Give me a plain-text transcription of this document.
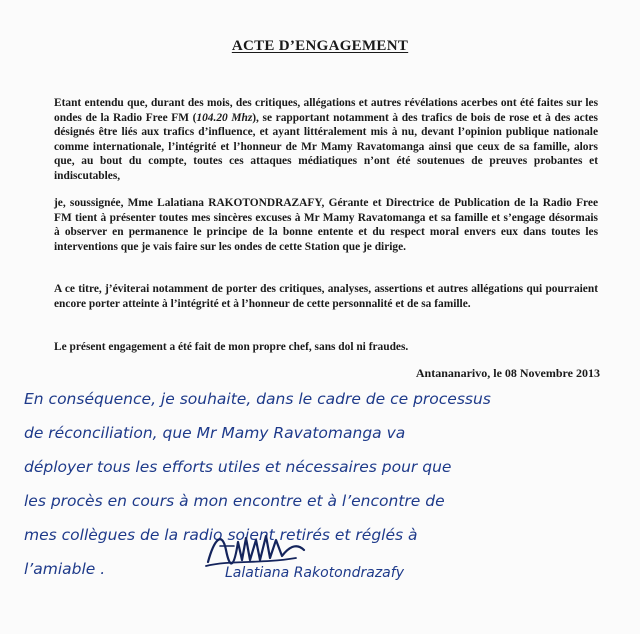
ACTE D’ENGAGEMENT
Etant entendu que, durant des mois, des critiques, allégations et autres révélations acerbes ont été faites sur les ondes de la Radio Free FM (104.20 Mhz), se rapportant notamment à des trafics de bois de rose et à des actes désignés être liés aux trafics d’influence, et ayant littéralement mis à nu, devant l’opinion publique nationale comme internationale, l’intégrité et l’honneur de Mr Mamy Ravatomanga ainsi que ceux de sa famille, alors que, au bout du compte, toutes ces attaques médiatiques n’ont été soutenues de preuves probantes et indiscutables,
je, soussignée, Mme Lalatiana RAKOTONDRAZAFY, Gérante et Directrice de Publication de la Radio Free FM tient à présenter toutes mes sincères excuses à Mr Mamy Ravatomanga et sa famille et s’engage désormais à observer en permanence le principe de la bonne entente et du respect moral envers eux dans toutes les interventions que je vais faire sur les ondes de cette Station que je dirige.
A ce titre, j’éviterai notamment de porter des critiques, analyses, assertions et autres allégations qui pourraient encore porter atteinte à l’intégrité et à l’honneur de cette personnalité et de sa famille.
Le présent engagement a été fait de mon propre chef, sans dol ni fraudes.
Antananarivo, le 08 Novembre 2013
En conséquence, je souhaite, dans le cadre de ce processus
de réconciliation, que Mr Mamy Ravatomanga va
déployer tous les efforts utiles et nécessaires pour que
les procès en cours à mon encontre et à l’encontre de
mes collègues de la radio soient retirés et réglés à
l’amiable .	Lalatiana Rakotondrazafy
